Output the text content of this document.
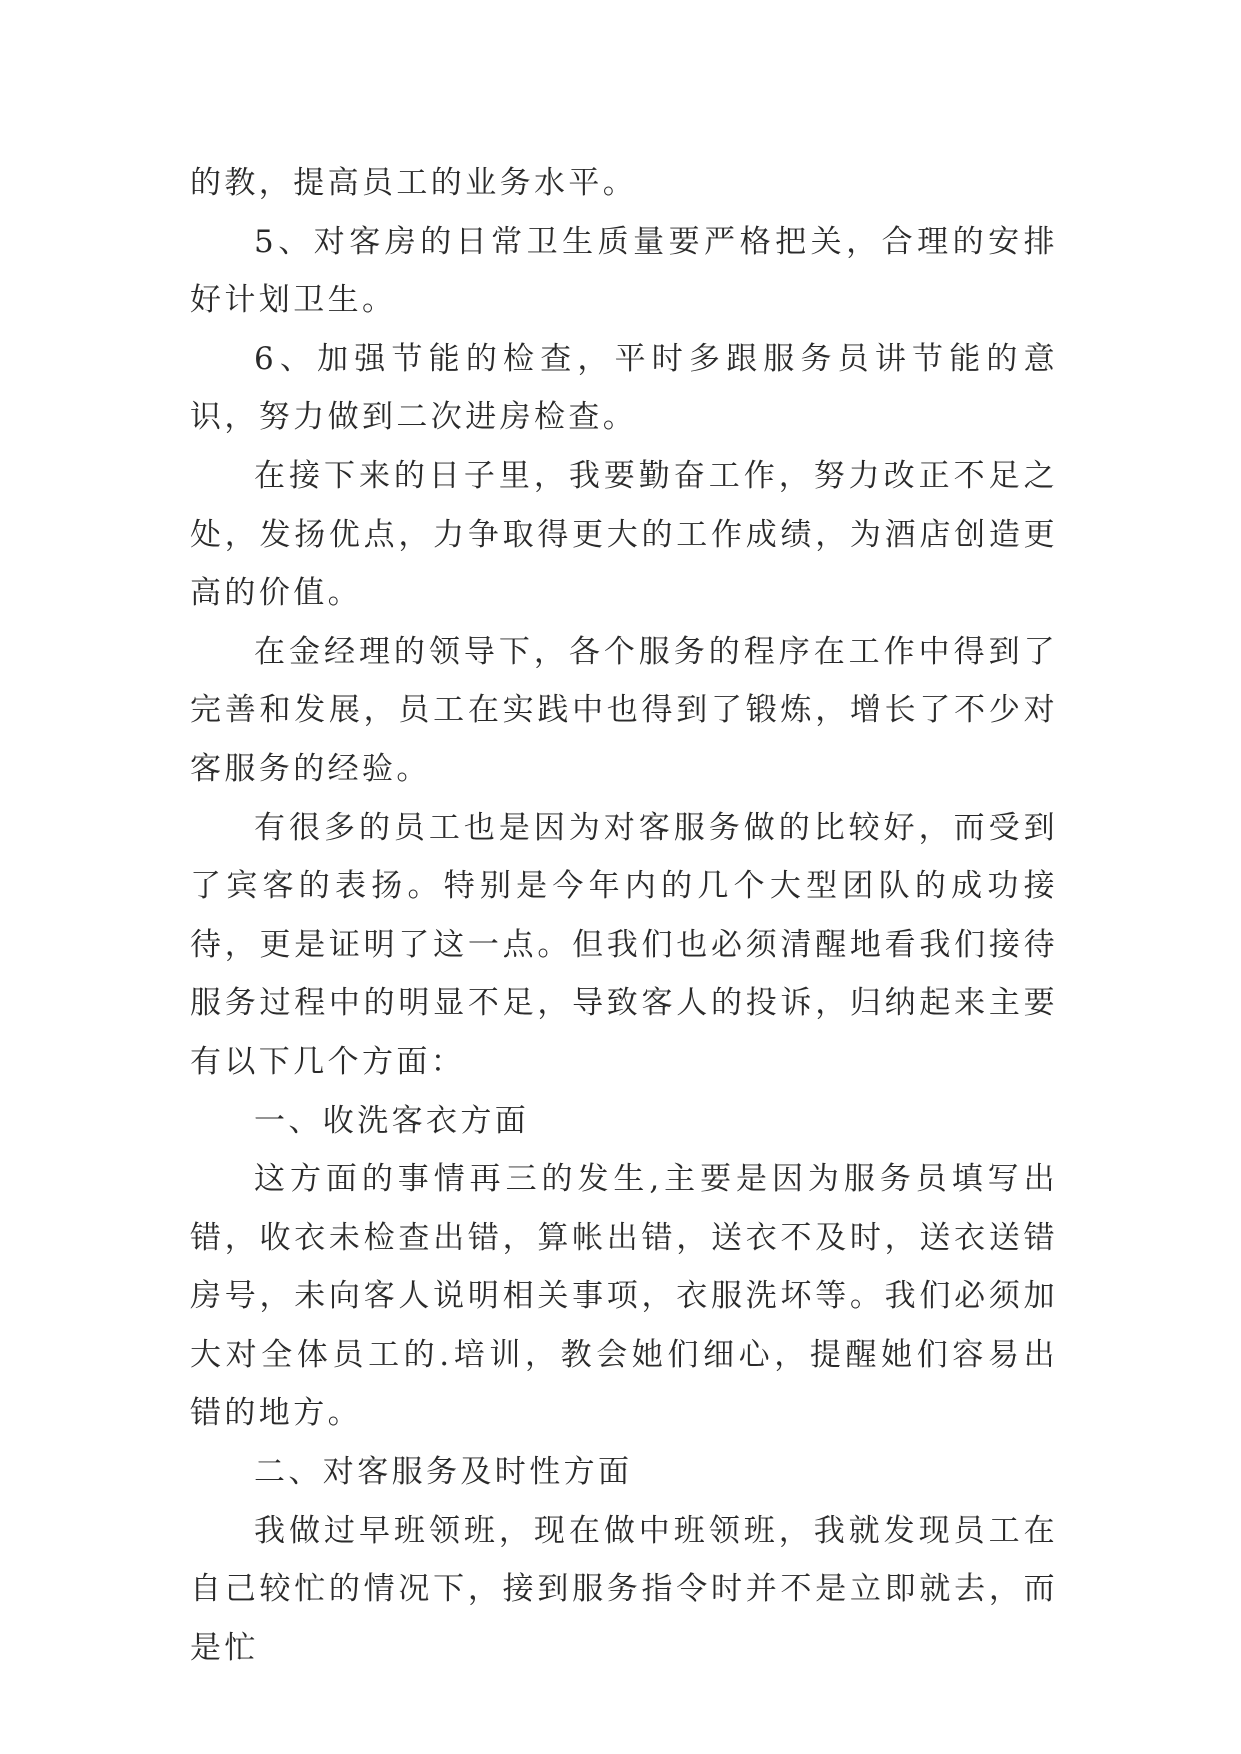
的教，提高员工的业务水平。

5、对客房的日常卫生质量要严格把关，合理的安排好计划卫生。

6、加强节能的检查，平时多跟服务员讲节能的意识，努力做到二次进房检查。

在接下来的日子里，我要勤奋工作，努力改正不足之处，发扬优点，力争取得更大的工作成绩，为酒店创造更高的价值。

在金经理的领导下，各个服务的程序在工作中得到了完善和发展，员工在实践中也得到了锻炼，增长了不少对客服务的经验。

有很多的员工也是因为对客服务做的比较好，而受到了宾客的表扬。特别是今年内的几个大型团队的成功接待，更是证明了这一点。但我们也必须清醒地看我们接待服务过程中的明显不足，导致客人的投诉，归纳起来主要有以下几个方面：

一、收洗客衣方面

这方面的事情再三的发生,主要是因为服务员填写出错，收衣未检查出错，算帐出错，送衣不及时，送衣送错房号，未向客人说明相关事项，衣服洗坏等。我们必须加大对全体员工的.培训，教会她们细心，提醒她们容易出错的地方。

二、对客服务及时性方面

我做过早班领班，现在做中班领班，我就发现员工在自己较忙的情况下，接到服务指令时并不是立即就去，而是忙
